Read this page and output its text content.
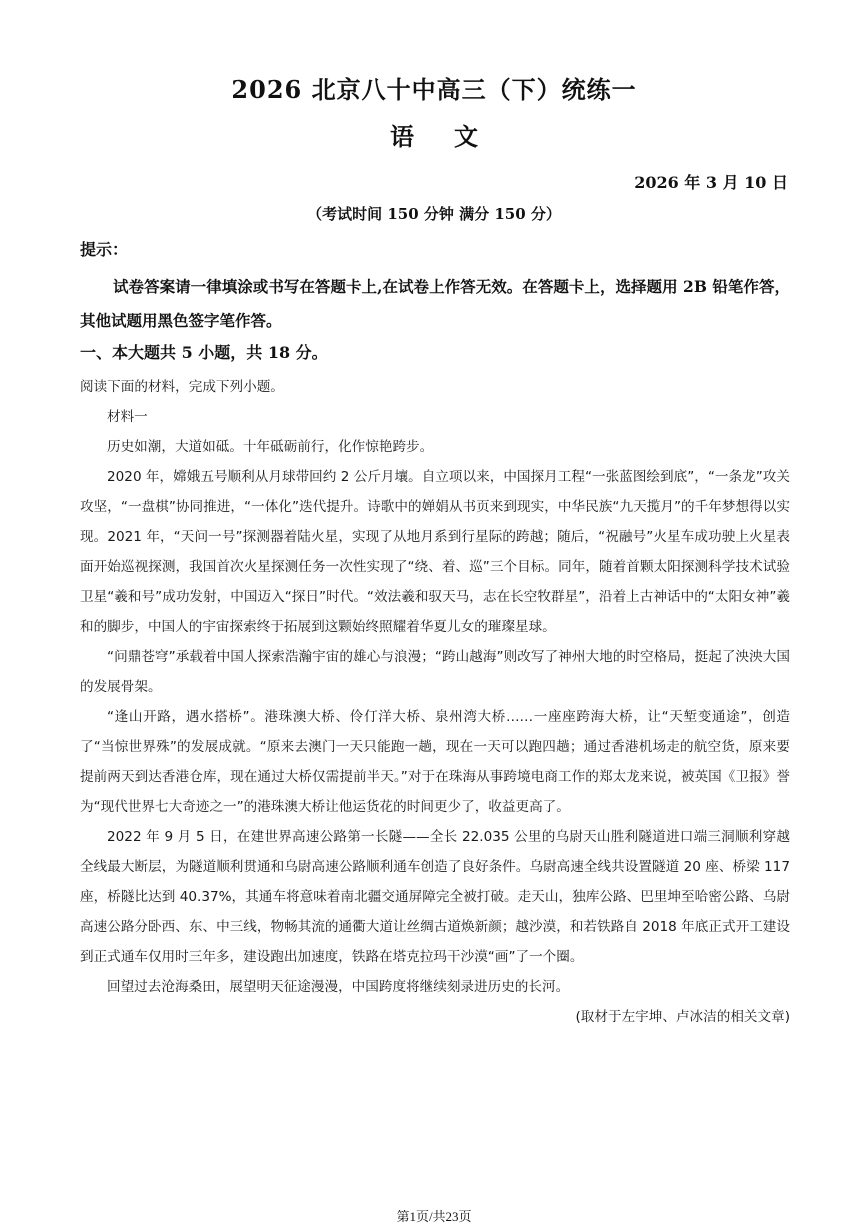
2026 北京八十中高三（下）统练一
语文
2026 年 3 月 10 日
（考试时间 150 分钟 满分 150 分）
提示：
试卷答案请一律填涂或书写在答题卡上,在试卷上作答无效。在答题卡上，选择题用 2B 铅笔作答，其他试题用黑色签字笔作答。
一、本大题共 5 小题，共 18 分。

阅读下面的材料，完成下列小题。

材料一

历史如潮，大道如砥。十年砥砺前行，化作惊艳跨步。

2020 年，嫦娥五号顺利从月球带回约 2 公斤月壤。自立项以来，中国探月工程“一张蓝图绘到底”，“一条龙”攻关攻坚，“一盘棋”协同推进，“一体化”迭代提升。诗歌中的婵娟从书页来到现实，中华民族“九天揽月”的千年梦想得以实现。2021 年，“天问一号”探测器着陆火星，实现了从地月系到行星际的跨越；随后，“祝融号”火星车成功驶上火星表面开始巡视探测，我国首次火星探测任务一次性实现了“绕、着、巡”三个目标。同年，随着首颗太阳探测科学技术试验卫星“羲和号”成功发射，中国迈入“探日”时代。“效法羲和驭天马，志在长空牧群星”，沿着上古神话中的“太阳女神”羲和的脚步，中国人的宇宙探索终于拓展到这颗始终照耀着华夏儿女的璀璨星球。

“问鼎苍穹”承载着中国人探索浩瀚宇宙的雄心与浪漫；“跨山越海”则改写了神州大地的时空格局，挺起了泱泱大国的发展骨架。

“逢山开路，遇水搭桥”。港珠澳大桥、伶仃洋大桥、泉州湾大桥……一座座跨海大桥，让“天堑变通途”，创造了“当惊世界殊”的发展成就。“原来去澳门一天只能跑一趟，现在一天可以跑四趟；通过香港机场走的航空货，原来要提前两天到达香港仓库，现在通过大桥仅需提前半天。”对于在珠海从事跨境电商工作的郑太龙来说，被英国《卫报》誉为“现代世界七大奇迹之一”的港珠澳大桥让他运货花的时间更少了，收益更高了。

2022 年 9 月 5 日，在建世界高速公路第一长隧——全长 22.035 公里的乌尉天山胜利隧道进口端三洞顺利穿越全线最大断层，为隧道顺利贯通和乌尉高速公路顺利通车创造了良好条件。乌尉高速全线共设置隧道 20 座、桥梁 117 座，桥隧比达到 40.37%，其通车将意味着南北疆交通屏障完全被打破。走天山，独库公路、巴里坤至哈密公路、乌尉高速公路分卧西、东、中三线，物畅其流的通衢大道让丝绸古道焕新颜；越沙漠，和若铁路自 2018 年底正式开工建设到正式通车仅用时三年多，建设跑出加速度，铁路在塔克拉玛干沙漠“画”了一个圈。

回望过去沧海桑田，展望明天征途漫漫，中国跨度将继续刻录进历史的长河。

(取材于左宇坤、卢冰洁的相关文章)

第1页/共23页
